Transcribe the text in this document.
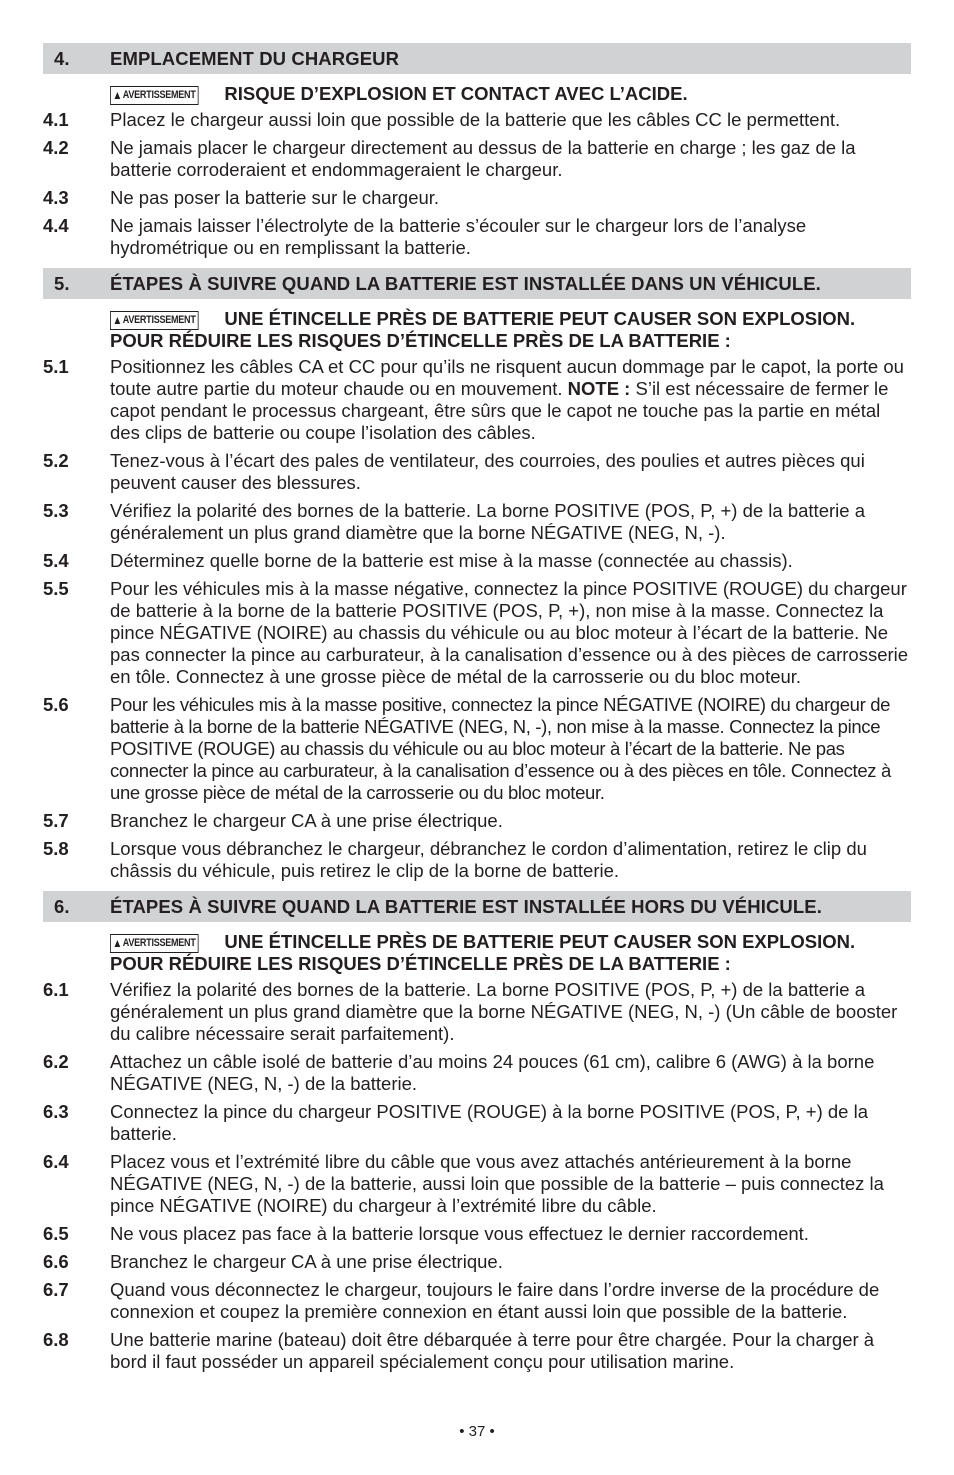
4.	EMPLACEMENT DU CHARGEUR
▲ AVERTISSEMENT RISQUE D’EXPLOSION ET CONTACT AVEC L’ACIDE.
4.1	Placez le chargeur aussi loin que possible de la batterie que les câbles CC le permettent.
4.2	Ne jamais placer le chargeur directement au dessus de la batterie en charge ; les gaz de la batterie corroderaient et endommageraient le chargeur.
4.3	Ne pas poser la batterie sur le chargeur.
4.4	Ne jamais laisser l’électrolyte de la batterie s’écouler sur le chargeur lors de l’analyse hydrométrique ou en remplissant la batterie.
5.	ÉTAPES À SUIVRE QUAND LA BATTERIE EST INSTALLÉE DANS UN VÉHICULE.
▲ AVERTISSEMENT UNE ÉTINCELLE PRÈS DE BATTERIE PEUT CAUSER SON EXPLOSION. POUR RÉDUIRE LES RISQUES D’ÉTINCELLE PRÈS DE LA BATTERIE :
5.1	Positionnez les câbles CA et CC pour qu’ils ne risquent aucun dommage par le capot, la porte ou toute autre partie du moteur chaude ou en mouvement. NOTE : S’il est nécessaire de fermer le capot pendant le processus chargeant, être sûrs que le capot ne touche pas la partie en métal des clips de batterie ou coupe l’isolation des câbles.
5.2	Tenez-vous à l’écart des pales de ventilateur, des courroies, des poulies et autres pièces qui peuvent causer des blessures.
5.3	Vérifiez la polarité des bornes de la batterie. La borne POSITIVE (POS, P, +) de la batterie a généralement un plus grand diamètre que la borne NÉGATIVE (NEG, N, -).
5.4	Déterminez quelle borne de la batterie est mise à la masse (connectée au chassis).
5.5	Pour les véhicules mis à la masse négative, connectez la pince POSITIVE (ROUGE) du chargeur de batterie à la borne de la batterie POSITIVE (POS, P, +), non mise à la masse. Connectez la pince NÉGATIVE (NOIRE) au chassis du véhicule ou au bloc moteur à l’écart de la batterie. Ne pas connecter la pince au carburateur, à la canalisation d’essence ou à des pièces de carrosserie en tôle. Connectez à une grosse pièce de métal de la carrosserie ou du bloc moteur.
5.6	Pour les véhicules mis à la masse positive, connectez la pince NÉGATIVE (NOIRE) du chargeur de batterie à la borne de la batterie NÉGATIVE (NEG, N, -), non mise à la masse. Connectez la pince POSITIVE (ROUGE) au chassis du véhicule ou au bloc moteur à l’écart de la batterie. Ne pas connecter la pince au carburateur, à la canalisation d’essence ou à des pièces en tôle. Connectez à une grosse pièce de métal de la carrosserie ou du bloc moteur.
5.7	Branchez le chargeur CA à une prise électrique.
5.8	Lorsque vous débranchez le chargeur, débranchez le cordon d’alimentation, retirez le clip du châssis du véhicule, puis retirez le clip de la borne de batterie.
6.	ÉTAPES À SUIVRE QUAND LA BATTERIE EST INSTALLÉE HORS DU VÉHICULE.
▲ AVERTISSEMENT UNE ÉTINCELLE PRÈS DE BATTERIE PEUT CAUSER SON EXPLOSION. POUR RÉDUIRE LES RISQUES D’ÉTINCELLE PRÈS DE LA BATTERIE :
6.1	Vérifiez la polarité des bornes de la batterie. La borne POSITIVE (POS, P, +) de la batterie a généralement un plus grand diamètre que la borne NÉGATIVE (NEG, N, -) (Un câble de booster du calibre nécessaire serait parfaitement).
6.2	Attachez un câble isolé de batterie d’au moins 24 pouces (61 cm), calibre 6 (AWG) à la borne NÉGATIVE (NEG, N, -) de la batterie.
6.3	Connectez la pince du chargeur POSITIVE (ROUGE) à la borne POSITIVE (POS, P, +) de la batterie.
6.4	Placez vous et l’extrémité libre du câble que vous avez attachés antérieurement à la borne NÉGATIVE (NEG, N, -) de la batterie, aussi loin que possible de la batterie – puis connectez la pince NÉGATIVE (NOIRE) du chargeur à l’extrémité libre du câble.
6.5	Ne vous placez pas face à la batterie lorsque vous effectuez le dernier raccordement.
6.6	Branchez le chargeur CA à une prise électrique.
6.7	Quand vous déconnectez le chargeur, toujours le faire dans l’ordre inverse de la procédure de connexion et coupez la première connexion en étant aussi loin que possible de la batterie.
6.8	Une batterie marine (bateau) doit être débarquée à terre pour être chargée. Pour la charger à bord il faut posséder un appareil spécialement conçu pour utilisation marine.
• 37 •
